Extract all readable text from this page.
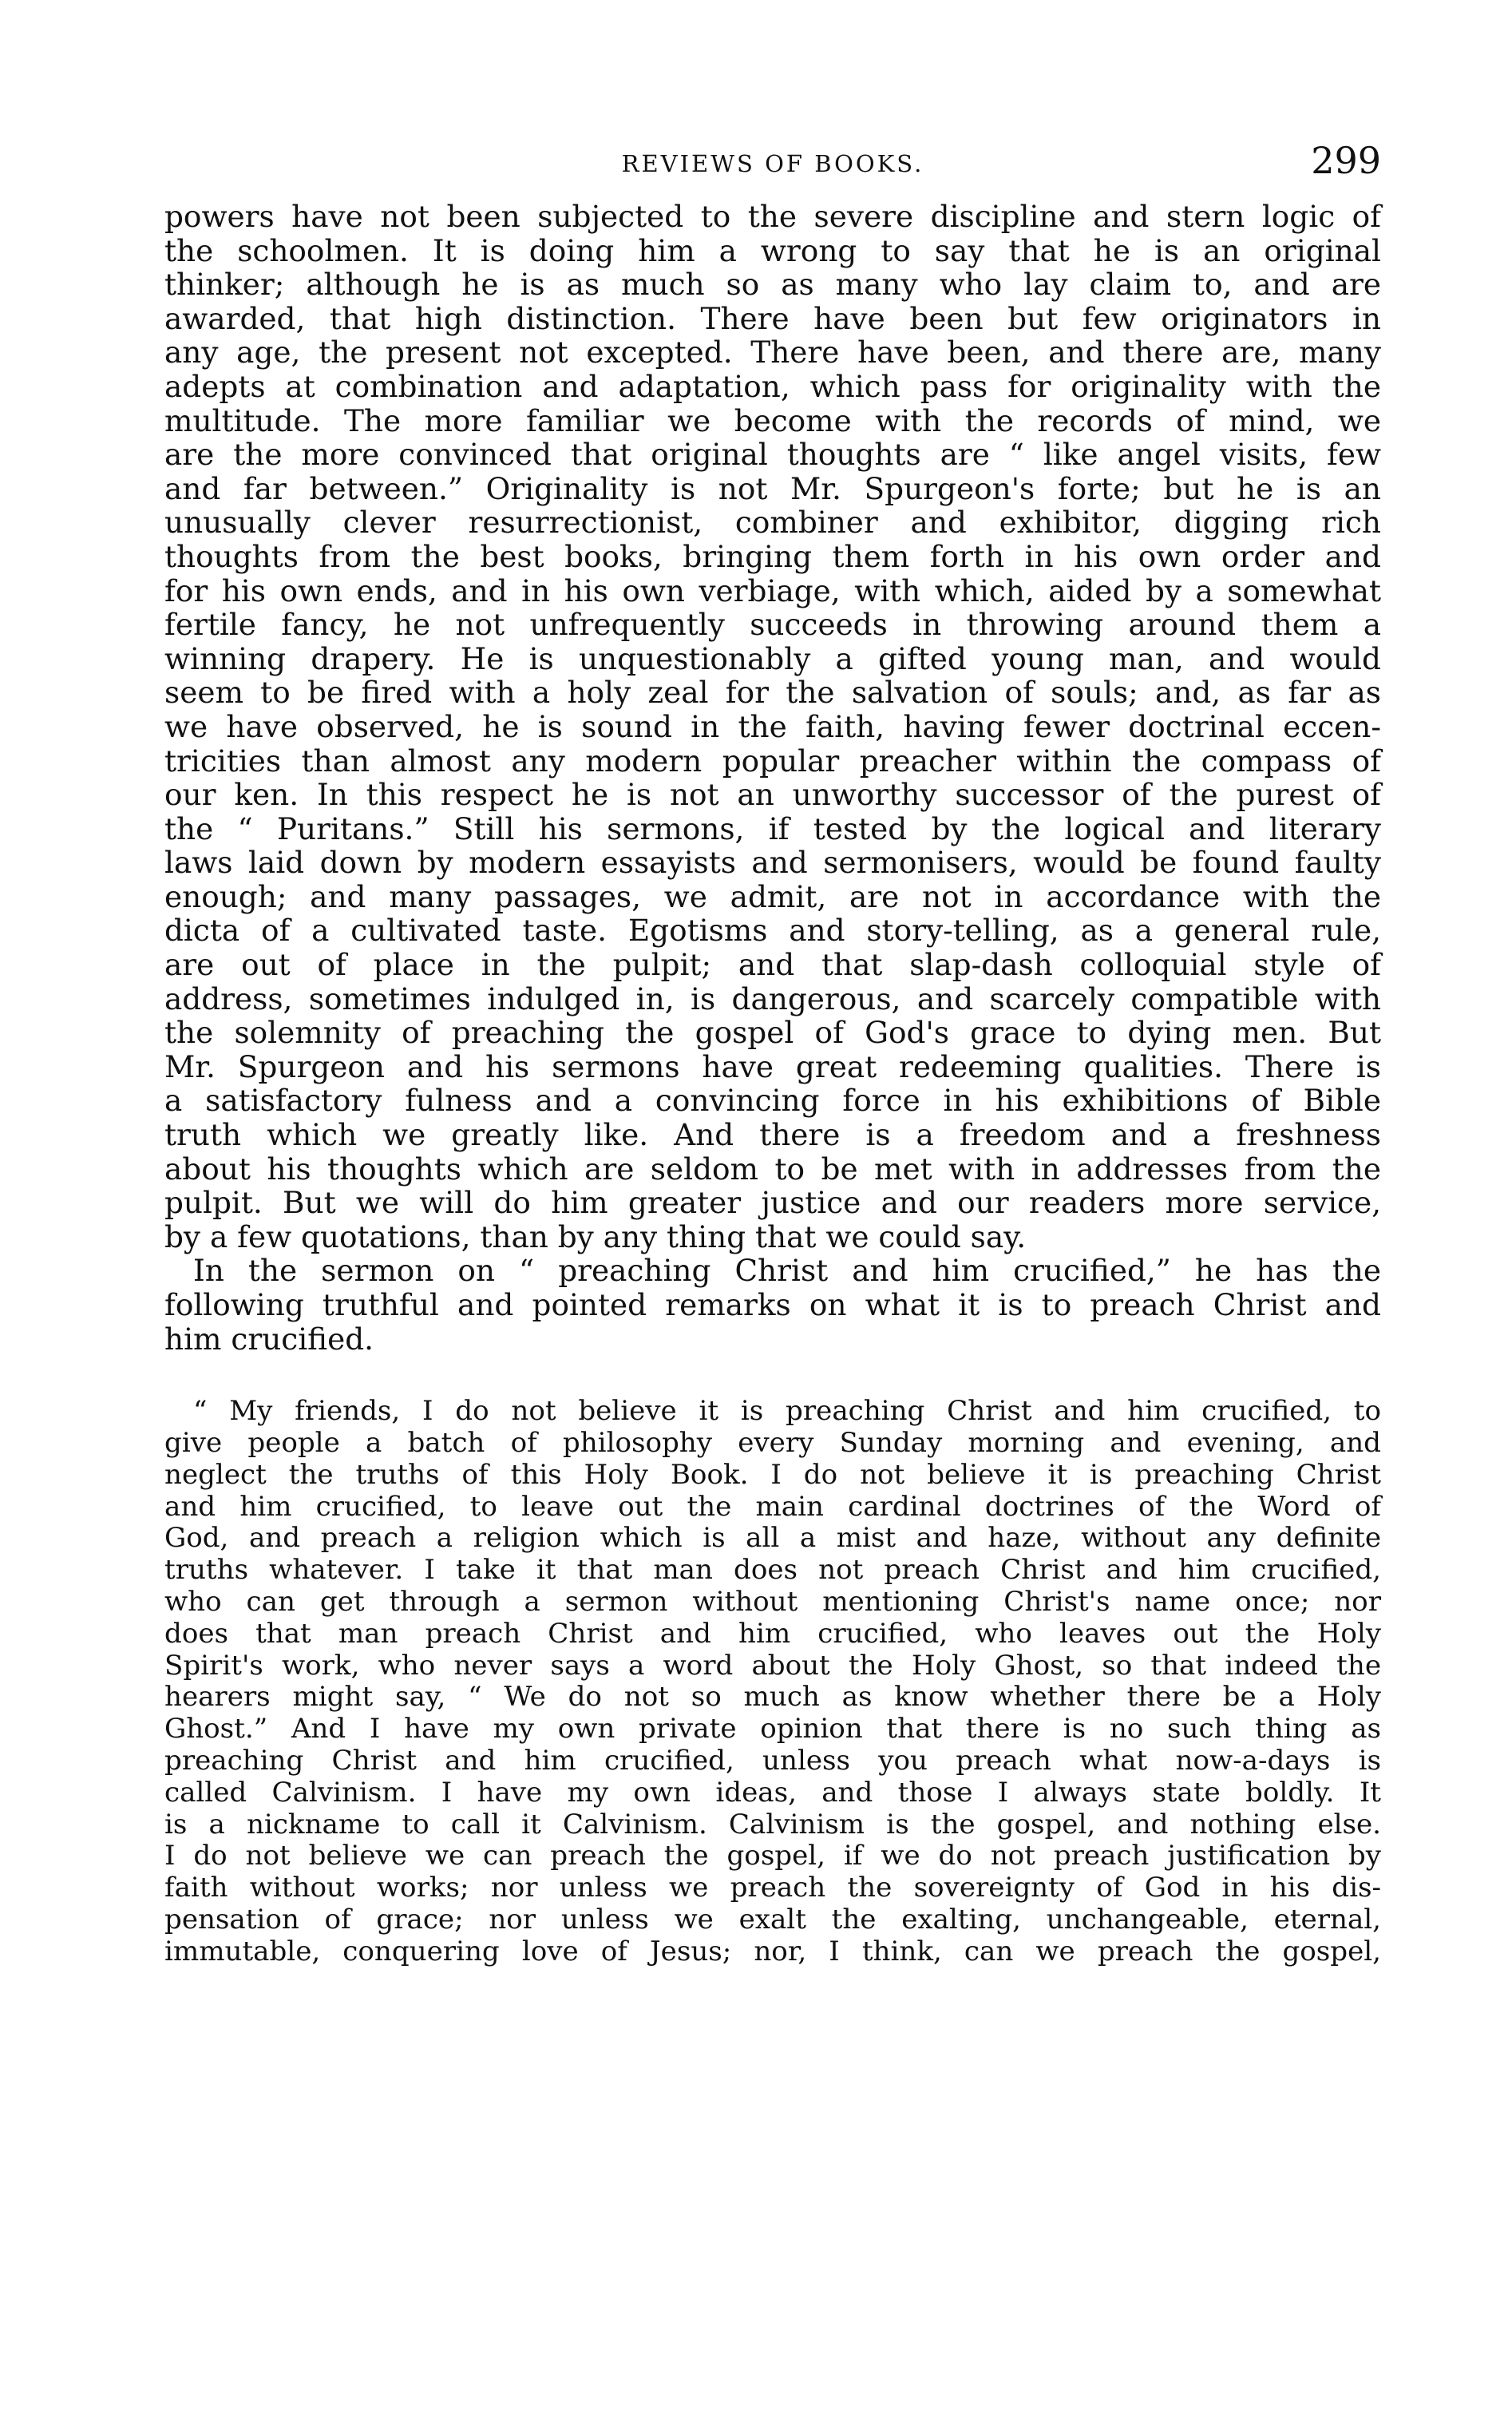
REVIEWS OF BOOKS.	299

powers have not been subjected to the severe discipline and stern logic of

the schoolmen. It is doing him a wrong to say that he is an original

thinker; although he is as much so as many who lay claim to, and are

awarded, that high distinction. There have been but few originators in

any age, the present not excepted. There have been, and there are, many

adepts at combination and adaptation, which pass for originality with the

multitude. The more familiar we become with the records of mind, we

are the more convinced that original thoughts are “ like angel visits, few

and far between.” Originality is not Mr. Spurgeon's forte; but he is an

unusually clever resurrectionist, combiner and exhibitor, digging rich

thoughts from the best books, bringing them forth in his own order and

for his own ends, and in his own verbiage, with which, aided by a somewhat

fertile fancy, he not unfrequently succeeds in throwing around them a

winning drapery. He is unquestionably a gifted young man, and would

seem to be fired with a holy zeal for the salvation of souls; and, as far as

we have observed, he is sound in the faith, having fewer doctrinal eccen-

tricities than almost any modern popular preacher within the compass of

our ken. In this respect he is not an unworthy successor of the purest of

the “ Puritans.” Still his sermons, if tested by the logical and literary

laws laid down by modern essayists and sermonisers, would be found faulty

enough; and many passages, we admit, are not in accordance with the

dicta of a cultivated taste. Egotisms and story-telling, as a general rule,

are out of place in the pulpit; and that slap-dash colloquial style of

address, sometimes indulged in, is dangerous, and scarcely compatible with

the solemnity of preaching the gospel of God's grace to dying men. But

Mr. Spurgeon and his sermons have great redeeming qualities. There is

a satisfactory fulness and a convincing force in his exhibitions of Bible

truth which we greatly like. And there is a freedom and a freshness

about his thoughts which are seldom to be met with in addresses from the

pulpit. But we will do him greater justice and our readers more service,

by a few quotations, than by any thing that we could say.

In the sermon on “ preaching Christ and him crucified,” he has the

following truthful and pointed remarks on what it is to preach Christ and

him crucified.

“ My friends, I do not believe it is preaching Christ and him crucified, to

give people a batch of philosophy every Sunday morning and evening, and

neglect the truths of this Holy Book. I do not believe it is preaching Christ

and him crucified, to leave out the main cardinal doctrines of the Word of

God, and preach a religion which is all a mist and haze, without any definite

truths whatever. I take it that man does not preach Christ and him crucified,

who can get through a sermon without mentioning Christ's name once; nor

does that man preach Christ and him crucified, who leaves out the Holy

Spirit's work, who never says a word about the Holy Ghost, so that indeed the

hearers might say, “ We do not so much as know whether there be a Holy

Ghost.” And I have my own private opinion that there is no such thing as

preaching Christ and him crucified, unless you preach what now-a-days is

called Calvinism. I have my own ideas, and those I always state boldly. It

is a nickname to call it Calvinism. Calvinism is the gospel, and nothing else.

I do not believe we can preach the gospel, if we do not preach justification by

faith without works; nor unless we preach the sovereignty of God in his dis-

pensation of grace; nor unless we exalt the exalting, unchangeable, eternal,

immutable, conquering love of Jesus; nor, I think, can we preach the gospel,
